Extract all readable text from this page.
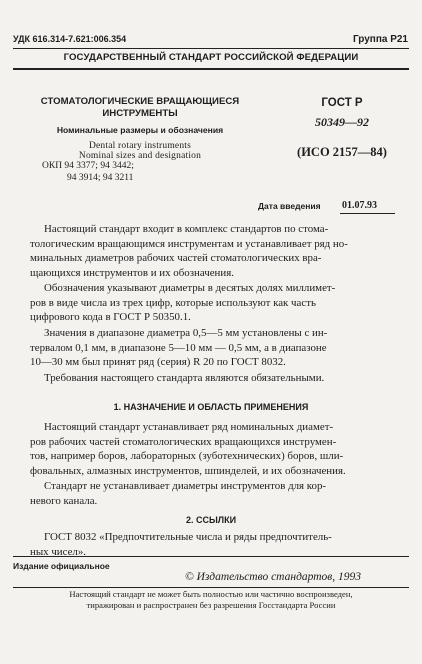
УДК 616.314-7.621:006.354	Группа Р21
ГОСУДАРСТВЕННЫЙ СТАНДАРТ РОССИЙСКОЙ ФЕДЕРАЦИИ
СТОМАТОЛОГИЧЕСКИЕ ВРАЩАЮЩИЕСЯ
ИНСТРУМЕНТЫ
Номинальные размеры и обозначения
Dental rotary instruments
Nominal sizes and designation
ОКП 94 3377; 94 3442;
94 3914; 94 3211
ГОСТ Р
50349—92
(ИСО 2157—84)
Дата введения 01.07.93
Настоящий стандарт входит в комплекс стандартов по стома-
тологическим вращающимся инструментам и устанавливает ряд но-
минальных диаметров рабочих частей стоматологических вра-
щающихся инструментов и их обозначения.
Обозначения указывают диаметры в десятых долях миллимет-
ров в виде числа из трех цифр, которые используют как часть
цифрового кода в ГОСТ Р 50350.1.
Значения в диапазоне диаметра 0,5—5 мм установлены с ин-
тервалом 0,1 мм, в диапазоне 5—10 мм — 0,5 мм, а в диапазоне
10—30 мм был принят ряд (серия) R 20 по ГОСТ 8032.
Требования настоящего стандарта являются обязательными.
1. НАЗНАЧЕНИЕ И ОБЛАСТЬ ПРИМЕНЕНИЯ
Настоящий стандарт устанавливает ряд номинальных диамет-
ров рабочих частей стоматологических вращающихся инструмен-
тов, например боров, лабораторных (зуботехнических) боров, шли-
фовальных, алмазных инструментов, шпинделей, и их обозначения.
Стандарт не устанавливает диаметры инструментов для кор-
невого канала.
2. ССЫЛКИ
ГОСТ 8032 «Предпочтительные числа и ряды предпочтитель-
ных чисел».
Издание официальное
© Издательство стандартов, 1993
Настоящий стандарт не может быть полностью или частично воспроизведен,
тиражирован и распространен без разрешения Госстандарта России
